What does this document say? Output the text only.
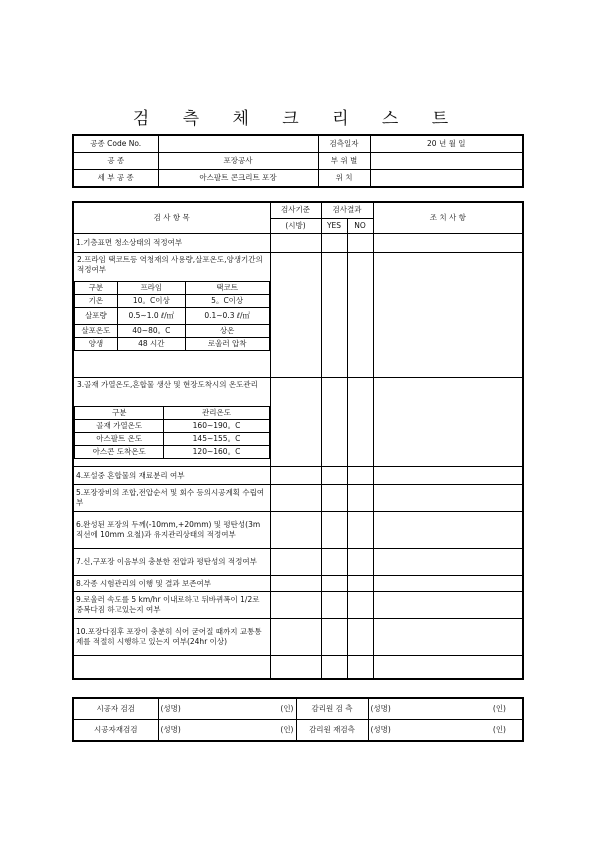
검 측 체 크 리 스 트
공종 Code No.		검측일자	20 년 월 일
공 종	포장공사	부 위 별	
세 부 공 종	아스팔트 콘크리트 포장	위 치	
검 사 항 목	검사기준	검사결과	조 치 사 항
(시방)	YES	NO
1.기층표면 청소상태의 적정여부				

2.프라임 택코트등 역청재의 사용량,살포온도,양생기간의 적정여부
구분	프라임	택코트
기온	10。C이상	5。C이상
살포량	0.5~1.0 ℓ/㎡	0.1~0.3 ℓ/㎡
살포온도	40~80。C	상온
양생	48 시간	로울러 압착

3.골재 가열온도,혼합물 생산 및 현장도착시의 온도관리
구분	관리온도
골재 가열온도	160~190。C
아스팔트 온도	145~155。C
아스콘 도착온도	120~160。C

4.포설중 혼합물의 재료분리 여부				
5.포장장비의 조합,전압순서 및 회수 등의시공계획 수립여부				
6.완성된 포장의 두께(-10mm,+20mm) 및 평탄성(3m 직선에 10mm 요철)과 유지관리상태의 적정여부				
7.신,구포장 이음부의 충분한 전압과 평탄성의 적정여부				
8.각종 시험관리의 이행 및 결과 보존여부				
9.로울러 속도를 5 km/hr 이내로하고 뒤바퀴폭이 1/2로 중복다짐 하고있는지 여부				
10.포장다짐후 포장이 충분히 식어 굳어질 때까지 교통통제를 적절히 시행하고 있는지 여부(24hr 이상)				

시공자 검검	(성명)	(인)	감리원 검 측	(성명)	(인)
시공자재검검	(성명)	(인)	감리원 재검측	(성명)	(인)
